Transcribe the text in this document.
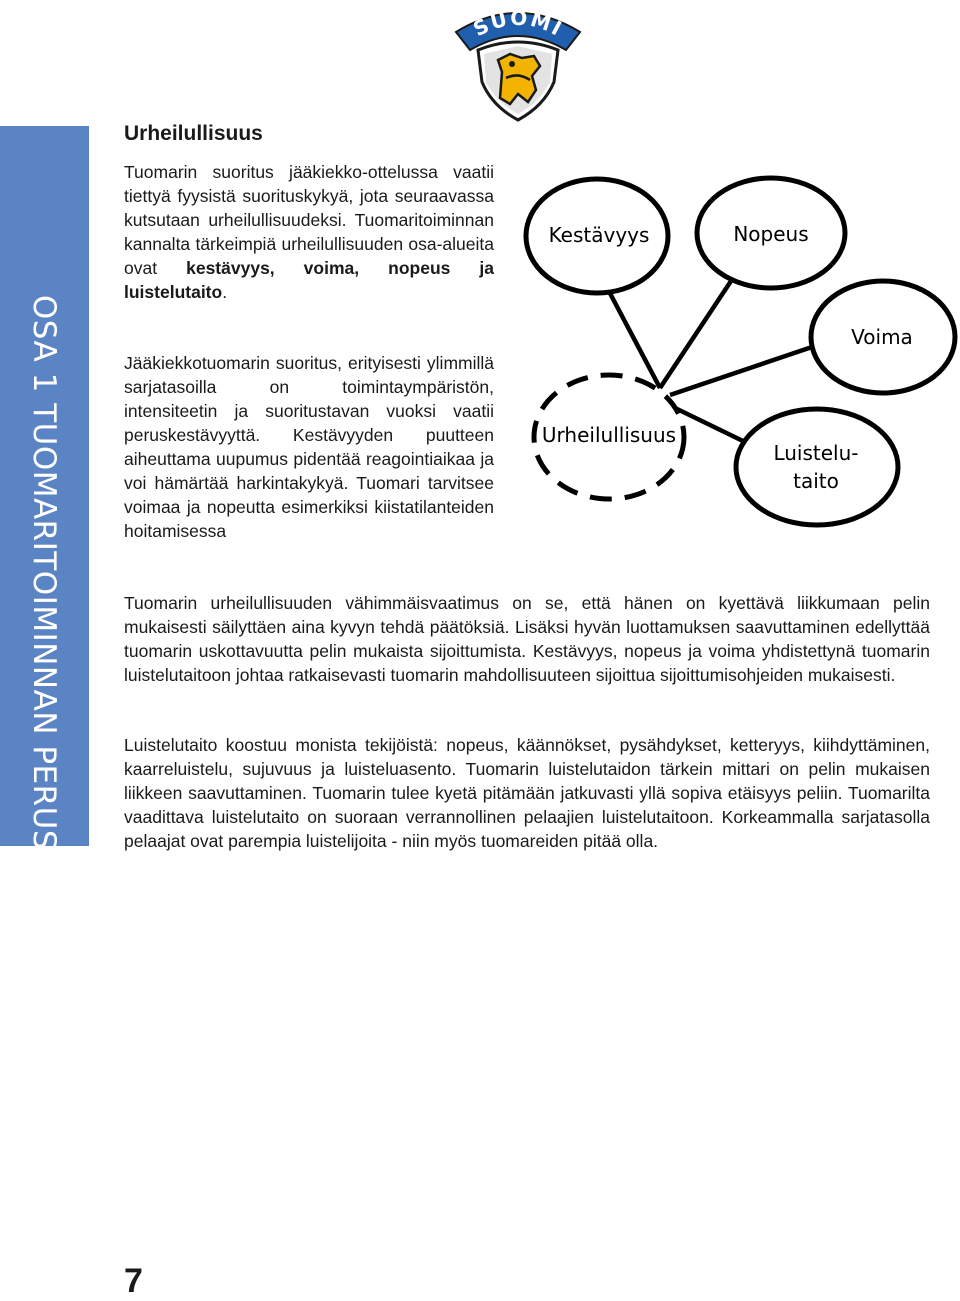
OSA 1 TUOMARITOIMINNAN PERUSTEET
SUOMI
Urheilullisuus

Tuomarin suoritus jääkiekko-ottelussa vaatii tiettyä fyysistä suorituskykyä, jota seuraavassa kutsutaan urheilullisuudeksi. Tuomaritoiminnan kannalta tärkeimpiä urheilullisuuden osa-alueita ovat kestävyys, voima, nopeus ja luistelutaito.

Jääkiekkotuomarin suoritus, erityisesti ylimmillä sarjatasoilla on toimintaympäristön, intensiteetin ja suoritustavan vuoksi vaatii peruskestävyyttä. Kestävyyden puutteen aiheuttama uupumus pidentää reagointiaikaa ja voi hämärtää harkintakykyä. Tuomari tarvitsee voimaa ja nopeutta esimerkiksi kiistatilanteiden hoitamisessa

Kestävyys	Nopeus
Voima
Luistelu-
taito
Urheilullisuus

Tuomarin urheilullisuuden vähimmäisvaatimus on se, että hänen on kyettävä liikkumaan pelin mukaisesti säilyttäen aina kyvyn tehdä päätöksiä. Lisäksi hyvän luottamuksen saavuttaminen edellyttää tuomarin uskottavuutta pelin mukaista sijoittumista. Kestävyys, nopeus ja voima yhdistettynä tuomarin luistelutaitoon johtaa ratkaisevasti tuomarin mahdollisuuteen sijoittua sijoittumisohjeiden mukaisesti.

Luistelutaito koostuu monista tekijöistä: nopeus, käännökset, pysähdykset, ketteryys, kiihdyttäminen, kaarreluistelu, sujuvuus ja luisteluasento. Tuomarin luistelutaidon tärkein mittari on pelin mukaisen liikkeen saavuttaminen. Tuomarin tulee kyetä pitämään jatkuvasti yllä sopiva etäisyys peliin. Tuomarilta vaadittava luistelutaito on suoraan verrannollinen pelaajien luistelutaitoon. Korkeammalla sarjatasolla pelaajat ovat parempia luistelijoita - niin myös tuomareiden pitää olla.

7
